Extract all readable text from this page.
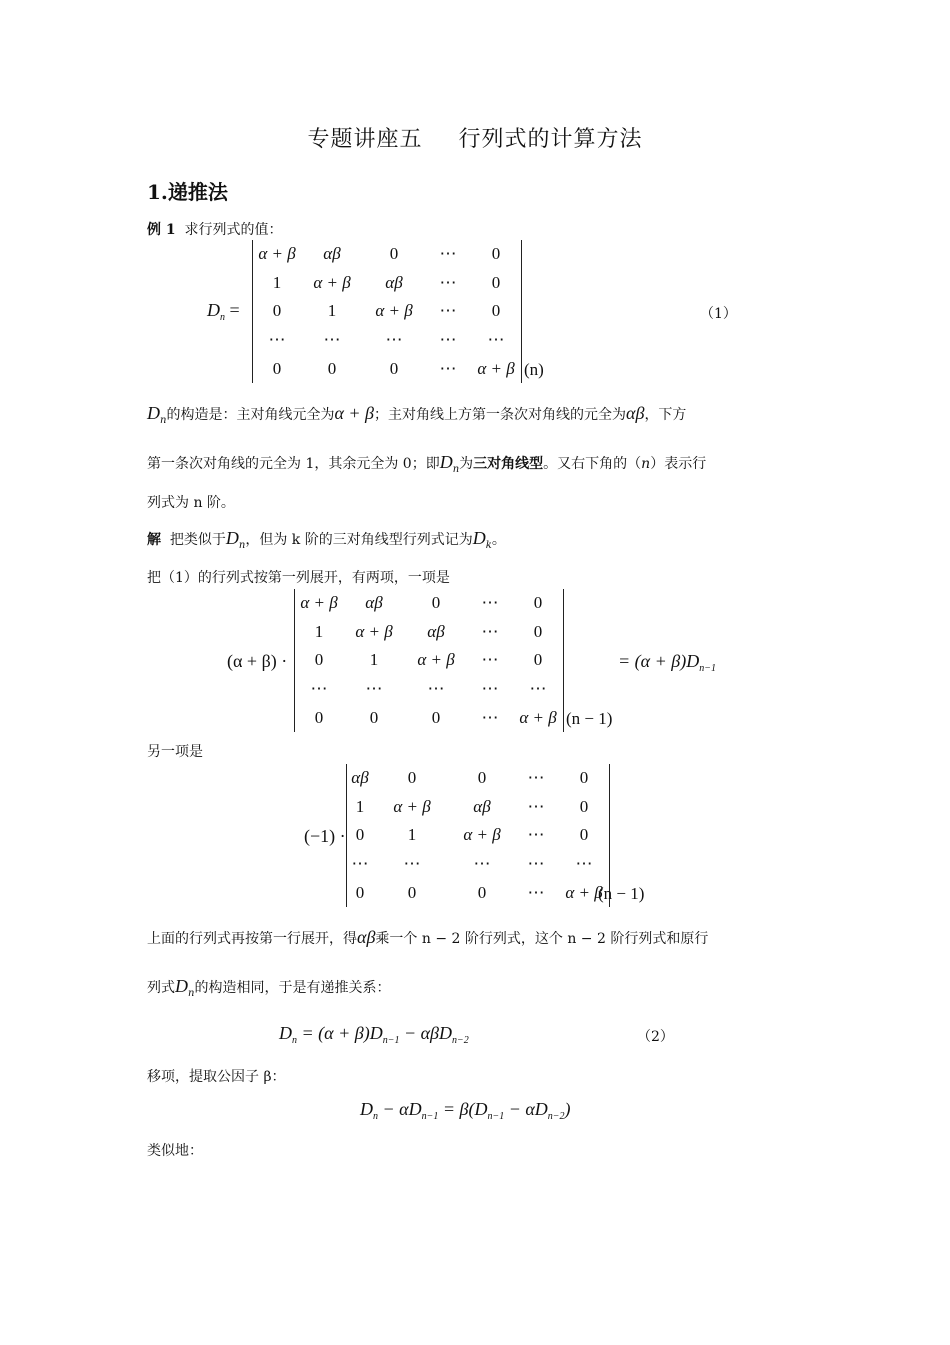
专题讲座五 行列式的计算方法
1.递推法
例 1 求行列式的值：
$D_n$ =
α + β	αβ	0	⋯	0
1	α + β	αβ	⋯	0
0	1	α + β	⋯	0
⋯	⋯	⋯	⋯	⋯
0	0	0	⋯	α + β (n)
（1）
$D_n$的构造是：主对角线元全为α + β；主对角线上方第一条次对角线的元全为αβ，下方
第一条次对角线的元全为 1，其余元全为 0；即$D_n$为三对角线型。又右下角的（n）表示行
列式为 n 阶。
解 把类似于$D_n$，但为 k 阶的三对角线型行列式记为$D_k$。
把（1）的行列式按第一列展开，有两项，一项是
(α + β) ·
α + β	αβ	0	⋯	0
1	α + β	αβ	⋯	0
0	1	α + β	⋯	0
⋯	⋯	⋯	⋯	⋯
0	0	0	⋯	α + β (n − 1)
= $(\alpha + \beta)D_{n-1}$
另一项是
(−1) ·
αβ	0	0	⋯	0
1	α + β	αβ	⋯	0
0	1	α + β	⋯	0
⋯	⋯	⋯	⋯	⋯
0	0	0	⋯	α + β
(n − 1)
上面的行列式再按第一行展开，得αβ乘一个 n − 2 阶行列式，这个 n − 2 阶行列式和原行
列式$D_n$的构造相同，于是有递推关系：
$D_n = (\alpha + \beta)D_{n-1} - \alpha\beta D_{n-2}$	（2）
移项，提取公因子 β：
$D_n - \alpha D_{n-1} = \beta(D_{n-1} - \alpha D_{n-2})$
类似地：
